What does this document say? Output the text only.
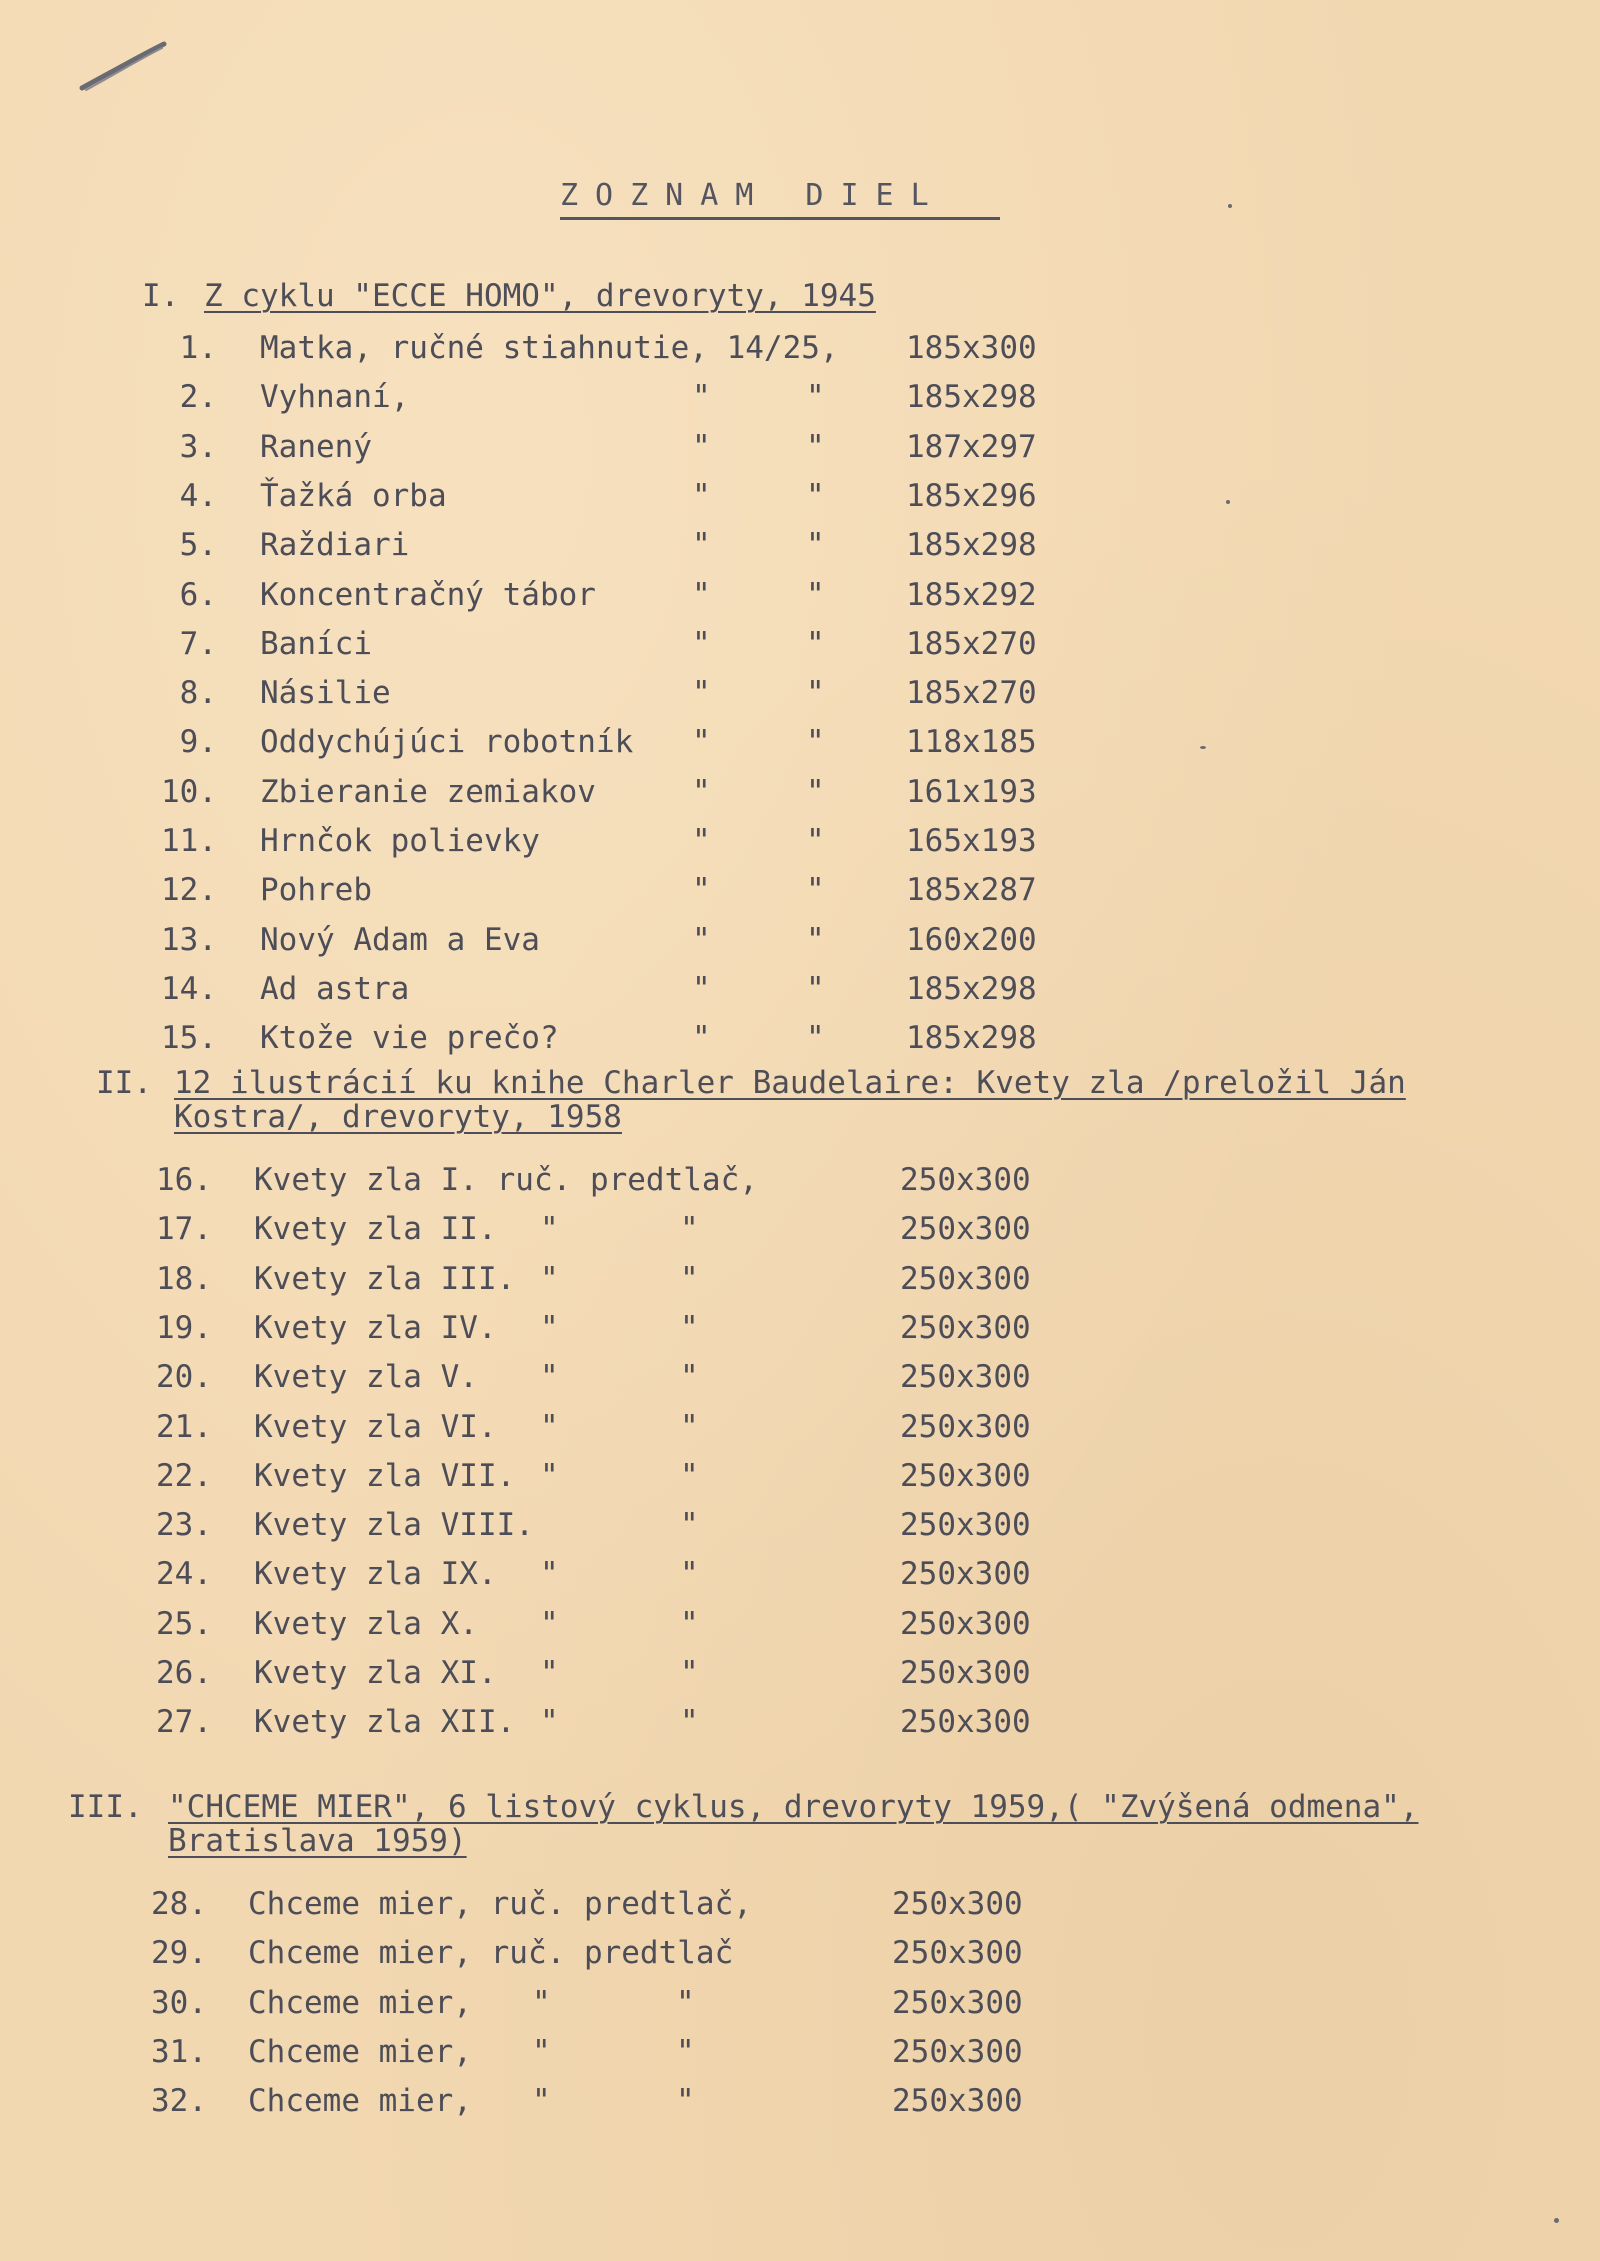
ZOZNAM DIEL
I. Z cyklu "ECCE HOMO", drevoryty, 1945
1. Matka, ručné stiahnutie, 14/25, 185x300
2. Vyhnaní,	"	"	185x298
3. Ranený	"	"	187x297
4. Ťažká orba	"	"	185x296
5. Raždiari	"	"	185x298
6. Koncentračný tábor	"	"	185x292
7. Baníci	"	"	185x270
8. Násilie	"	"	185x270
9. Oddychújúci robotník "	"	118x185
10. Zbieranie zemiakov	"	"	161x193
11. Hrnčok polievky	"	"	165x193
12. Pohreb	"	"	185x287
13. Nový Adam a Eva	"	"	160x200
14. Ad astra	"	"	185x298
15. Ktože vie prečo?	"	"	185x298
II. 12 ilustrácií ku knihe Charler Baudelaire: Kvety zla /preložil Ján
Kostra/, drevoryty, 1958
16. Kvety zla I. ruč. predtlač,	250x300
17. Kvety zla II. "	"	250x300
18. Kvety zla III. "	"	250x300
19. Kvety zla IV. "	"	250x300
20. Kvety zla V. "	"	250x300
21. Kvety zla VI. "	"	250x300
22. Kvety zla VII. "	"	250x300
23. Kvety zla VIII.	"	250x300
24. Kvety zla IX. "	"	250x300
25. Kvety zla X. "	"	250x300
26. Kvety zla XI. "	"	250x300
27. Kvety zla XII. "	"	250x300
III. "CHCEME MIER", 6 listový cyklus, drevoryty 1959,( "Zvýšená odmena",
Bratislava 1959)
28. Chceme mier, ruč. predtlač,	250x300
29. Chceme mier, ruč. predtlač	250x300
30. Chceme mier, "	"	250x300
31. Chceme mier, "	"	250x300
32. Chceme mier, "	"	250x300
